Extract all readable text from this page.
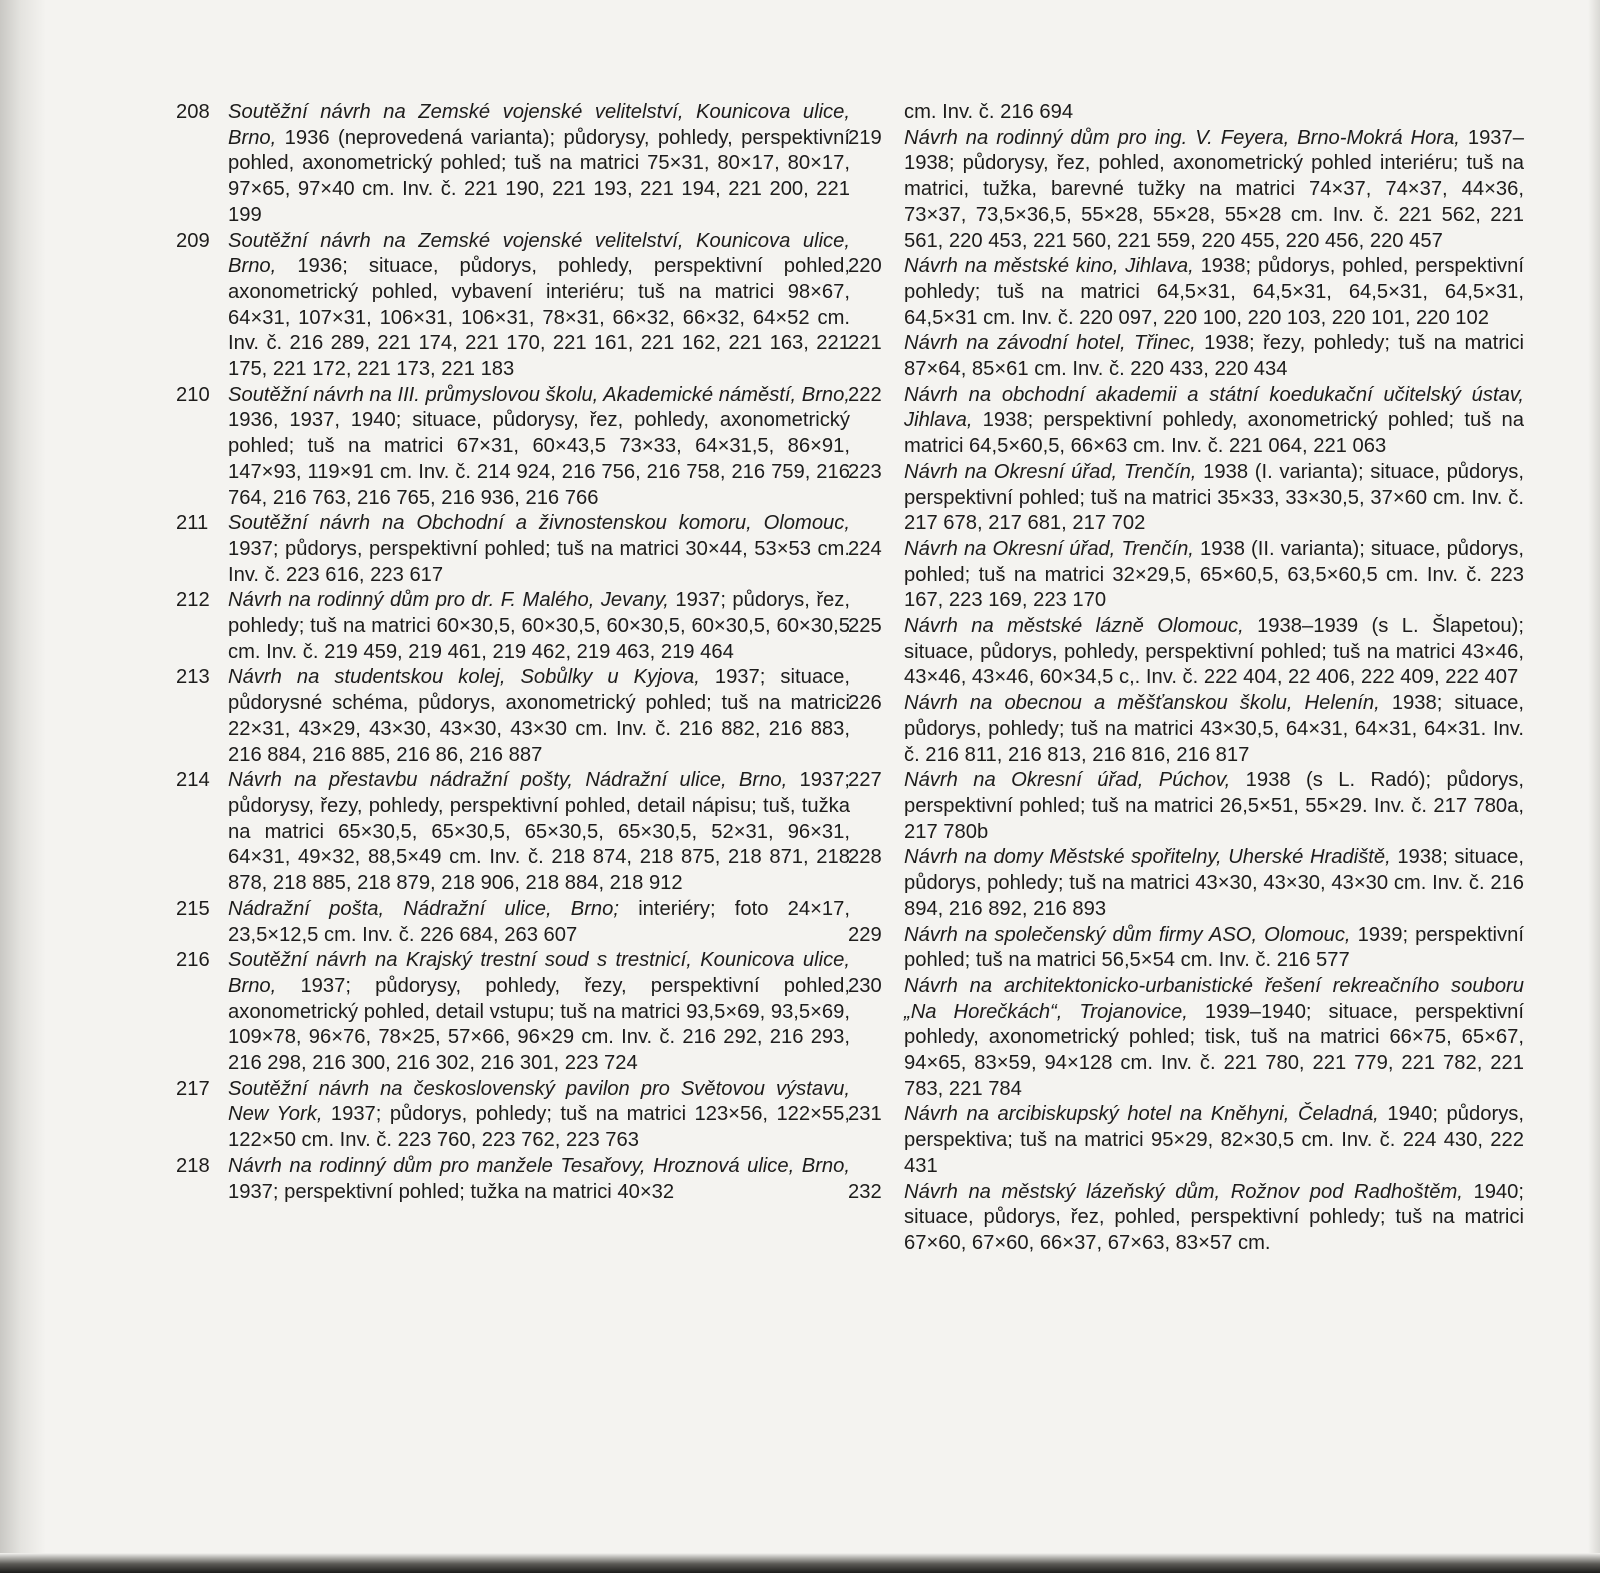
208 Soutěžní návrh na Zemské vojenské velitelství, Kounicova ulice, Brno, 1936 (neprovedená varianta); půdorysy, pohledy, perspektivní pohled, axonometrický pohled; tuš na matrici 75×31, 80×17, 80×17, 97×65, 97×40 cm. Inv. č. 221 190, 221 193, 221 194, 221 200, 221 199
209 Soutěžní návrh na Zemské vojenské velitelství, Kounicova ulice, Brno, 1936; situace, půdorys, pohledy, perspektivní pohled, axonometrický pohled, vybavení interiéru; tuš na matrici 98×67, 64×31, 107×31, 106×31, 106×31, 78×31, 66×32, 66×32, 64×52 cm. Inv. č. 216 289, 221 174, 221 170, 221 161, 221 162, 221 163, 221 175, 221 172, 221 173, 221 183
210 Soutěžní návrh na III. průmyslovou školu, Akademické náměstí, Brno, 1936, 1937, 1940; situace, půdorysy, řez, pohledy, axonometrický pohled; tuš na matrici 67×31, 60×43,5 73×33, 64×31,5, 86×91, 147×93, 119×91 cm. Inv. č. 214 924, 216 756, 216 758, 216 759, 216 764, 216 763, 216 765, 216 936, 216 766
211 Soutěžní návrh na Obchodní a živnostenskou komoru, Olomouc, 1937; půdorys, perspektivní pohled; tuš na matrici 30×44, 53×53 cm. Inv. č. 223 616, 223 617
212 Návrh na rodinný dům pro dr. F. Malého, Jevany, 1937; půdorys, řez, pohledy; tuš na matrici 60×30,5, 60×30,5, 60×30,5, 60×30,5, 60×30,5 cm. Inv. č. 219 459, 219 461, 219 462, 219 463, 219 464
213 Návrh na studentskou kolej, Sobůlky u Kyjova, 1937; situace, půdorysné schéma, půdorys, axonometrický pohled; tuš na matrici 22×31, 43×29, 43×30, 43×30, 43×30 cm. Inv. č. 216 882, 216 883, 216 884, 216 885, 216 86, 216 887
214 Návrh na přestavbu nádražní pošty, Nádražní ulice, Brno, 1937; půdorysy, řezy, pohledy, perspektivní pohled, detail nápisu; tuš, tužka na matrici 65×30,5, 65×30,5, 65×30,5, 65×30,5, 52×31, 96×31, 64×31, 49×32, 88,5×49 cm. Inv. č. 218 874, 218 875, 218 871, 218 878, 218 885, 218 879, 218 906, 218 884, 218 912
215 Nádražní pošta, Nádražní ulice, Brno; interiéry; foto 24×17, 23,5×12,5 cm. Inv. č. 226 684, 263 607
216 Soutěžní návrh na Krajský trestní soud s trestnicí, Kounicova ulice, Brno, 1937; půdorysy, pohledy, řezy, perspektivní pohled, axonometrický pohled, detail vstupu; tuš na matrici 93,5×69, 93,5×69, 109×78, 96×76, 78×25, 57×66, 96×29 cm. Inv. č. 216 292, 216 293, 216 298, 216 300, 216 302, 216 301, 223 724
217 Soutěžní návrh na československý pavilon pro Světovou výstavu, New York, 1937; půdorys, pohledy; tuš na matrici 123×56, 122×55, 122×50 cm. Inv. č. 223 760, 223 762, 223 763
218 Návrh na rodinný dům pro manžele Tesařovy, Hroznová ulice, Brno, 1937; perspektivní pohled; tužka na matrici 40×32
cm. Inv. č. 216 694
219	Návrh na rodinný dům pro ing. V. Feyera, Brno-Mokrá Hora, 1937–1938; půdorysy, řez, pohled, axonometrický pohled interiéru; tuš na matrici, tužka, barevné tužky na matrici 74×37, 74×37, 44×36, 73×37, 73,5×36,5, 55×28, 55×28, 55×28 cm. Inv. č. 221 562, 221 561, 220 453, 221 560, 221 559, 220 455, 220 456, 220 457
220	Návrh na městské kino, Jihlava, 1938; půdorys, pohled, perspektivní pohledy; tuš na matrici 64,5×31, 64,5×31, 64,5×31, 64,5×31, 64,5×31 cm. Inv. č. 220 097, 220 100, 220 103, 220 101, 220 102
221	Návrh na závodní hotel, Třinec, 1938; řezy, pohledy; tuš na matrici 87×64, 85×61 cm. Inv. č. 220 433, 220 434
222	Návrh na obchodní akademii a státní koedukační učitelský ústav, Jihlava, 1938; perspektivní pohledy, axonometrický pohled; tuš na matrici 64,5×60,5, 66×63 cm. Inv. č. 221 064, 221 063
223	Návrh na Okresní úřad, Trenčín, 1938 (I. varianta); situace, půdorys, perspektivní pohled; tuš na matrici 35×33, 33×30,5, 37×60 cm. Inv. č. 217 678, 217 681, 217 702
224	Návrh na Okresní úřad, Trenčín, 1938 (II. varianta); situace, půdorys, pohled; tuš na matrici 32×29,5, 65×60,5, 63,5×60,5 cm. Inv. č. 223 167, 223 169, 223 170
225	Návrh na městské lázně Olomouc, 1938–1939 (s L. Šlapetou); situace, půdorys, pohledy, perspektivní pohled; tuš na matrici 43×46, 43×46, 43×46, 60×34,5 c,. Inv. č. 222 404, 22 406, 222 409, 222 407
226	Návrh na obecnou a měšťanskou školu, Helenín, 1938; situace, půdorys, pohledy; tuš na matrici 43×30,5, 64×31, 64×31, 64×31. Inv. č. 216 811, 216 813, 216 816, 216 817
227	Návrh na Okresní úřad, Púchov, 1938 (s L. Radó); půdorys, perspektivní pohled; tuš na matrici 26,5×51, 55×29. Inv. č. 217 780a, 217 780b
228	Návrh na domy Městské spořitelny, Uherské Hradiště, 1938; situace, půdorys, pohledy; tuš na matrici 43×30, 43×30, 43×30 cm. Inv. č. 216 894, 216 892, 216 893
229	Návrh na společenský dům firmy ASO, Olomouc, 1939; perspektivní pohled; tuš na matrici 56,5×54 cm. Inv. č. 216 577
230	Návrh na architektonicko-urbanistické řešení rekreačního souboru „Na Horečkách“, Trojanovice, 1939–1940; situace, perspektivní pohledy, axonometrický pohled; tisk, tuš na matrici 66×75, 65×67, 94×65, 83×59, 94×128 cm. Inv. č. 221 780, 221 779, 221 782, 221 783, 221 784
231	Návrh na arcibiskupský hotel na Kněhyni, Čeladná, 1940; půdorys, perspektiva; tuš na matrici 95×29, 82×30,5 cm. Inv. č. 224 430, 222 431
232	Návrh na městský lázeňský dům, Rožnov pod Radhoštěm, 1940; situace, půdorys, řez, pohled, perspektivní pohledy; tuš na matrici 67×60, 67×60, 66×37, 67×63, 83×57 cm.
